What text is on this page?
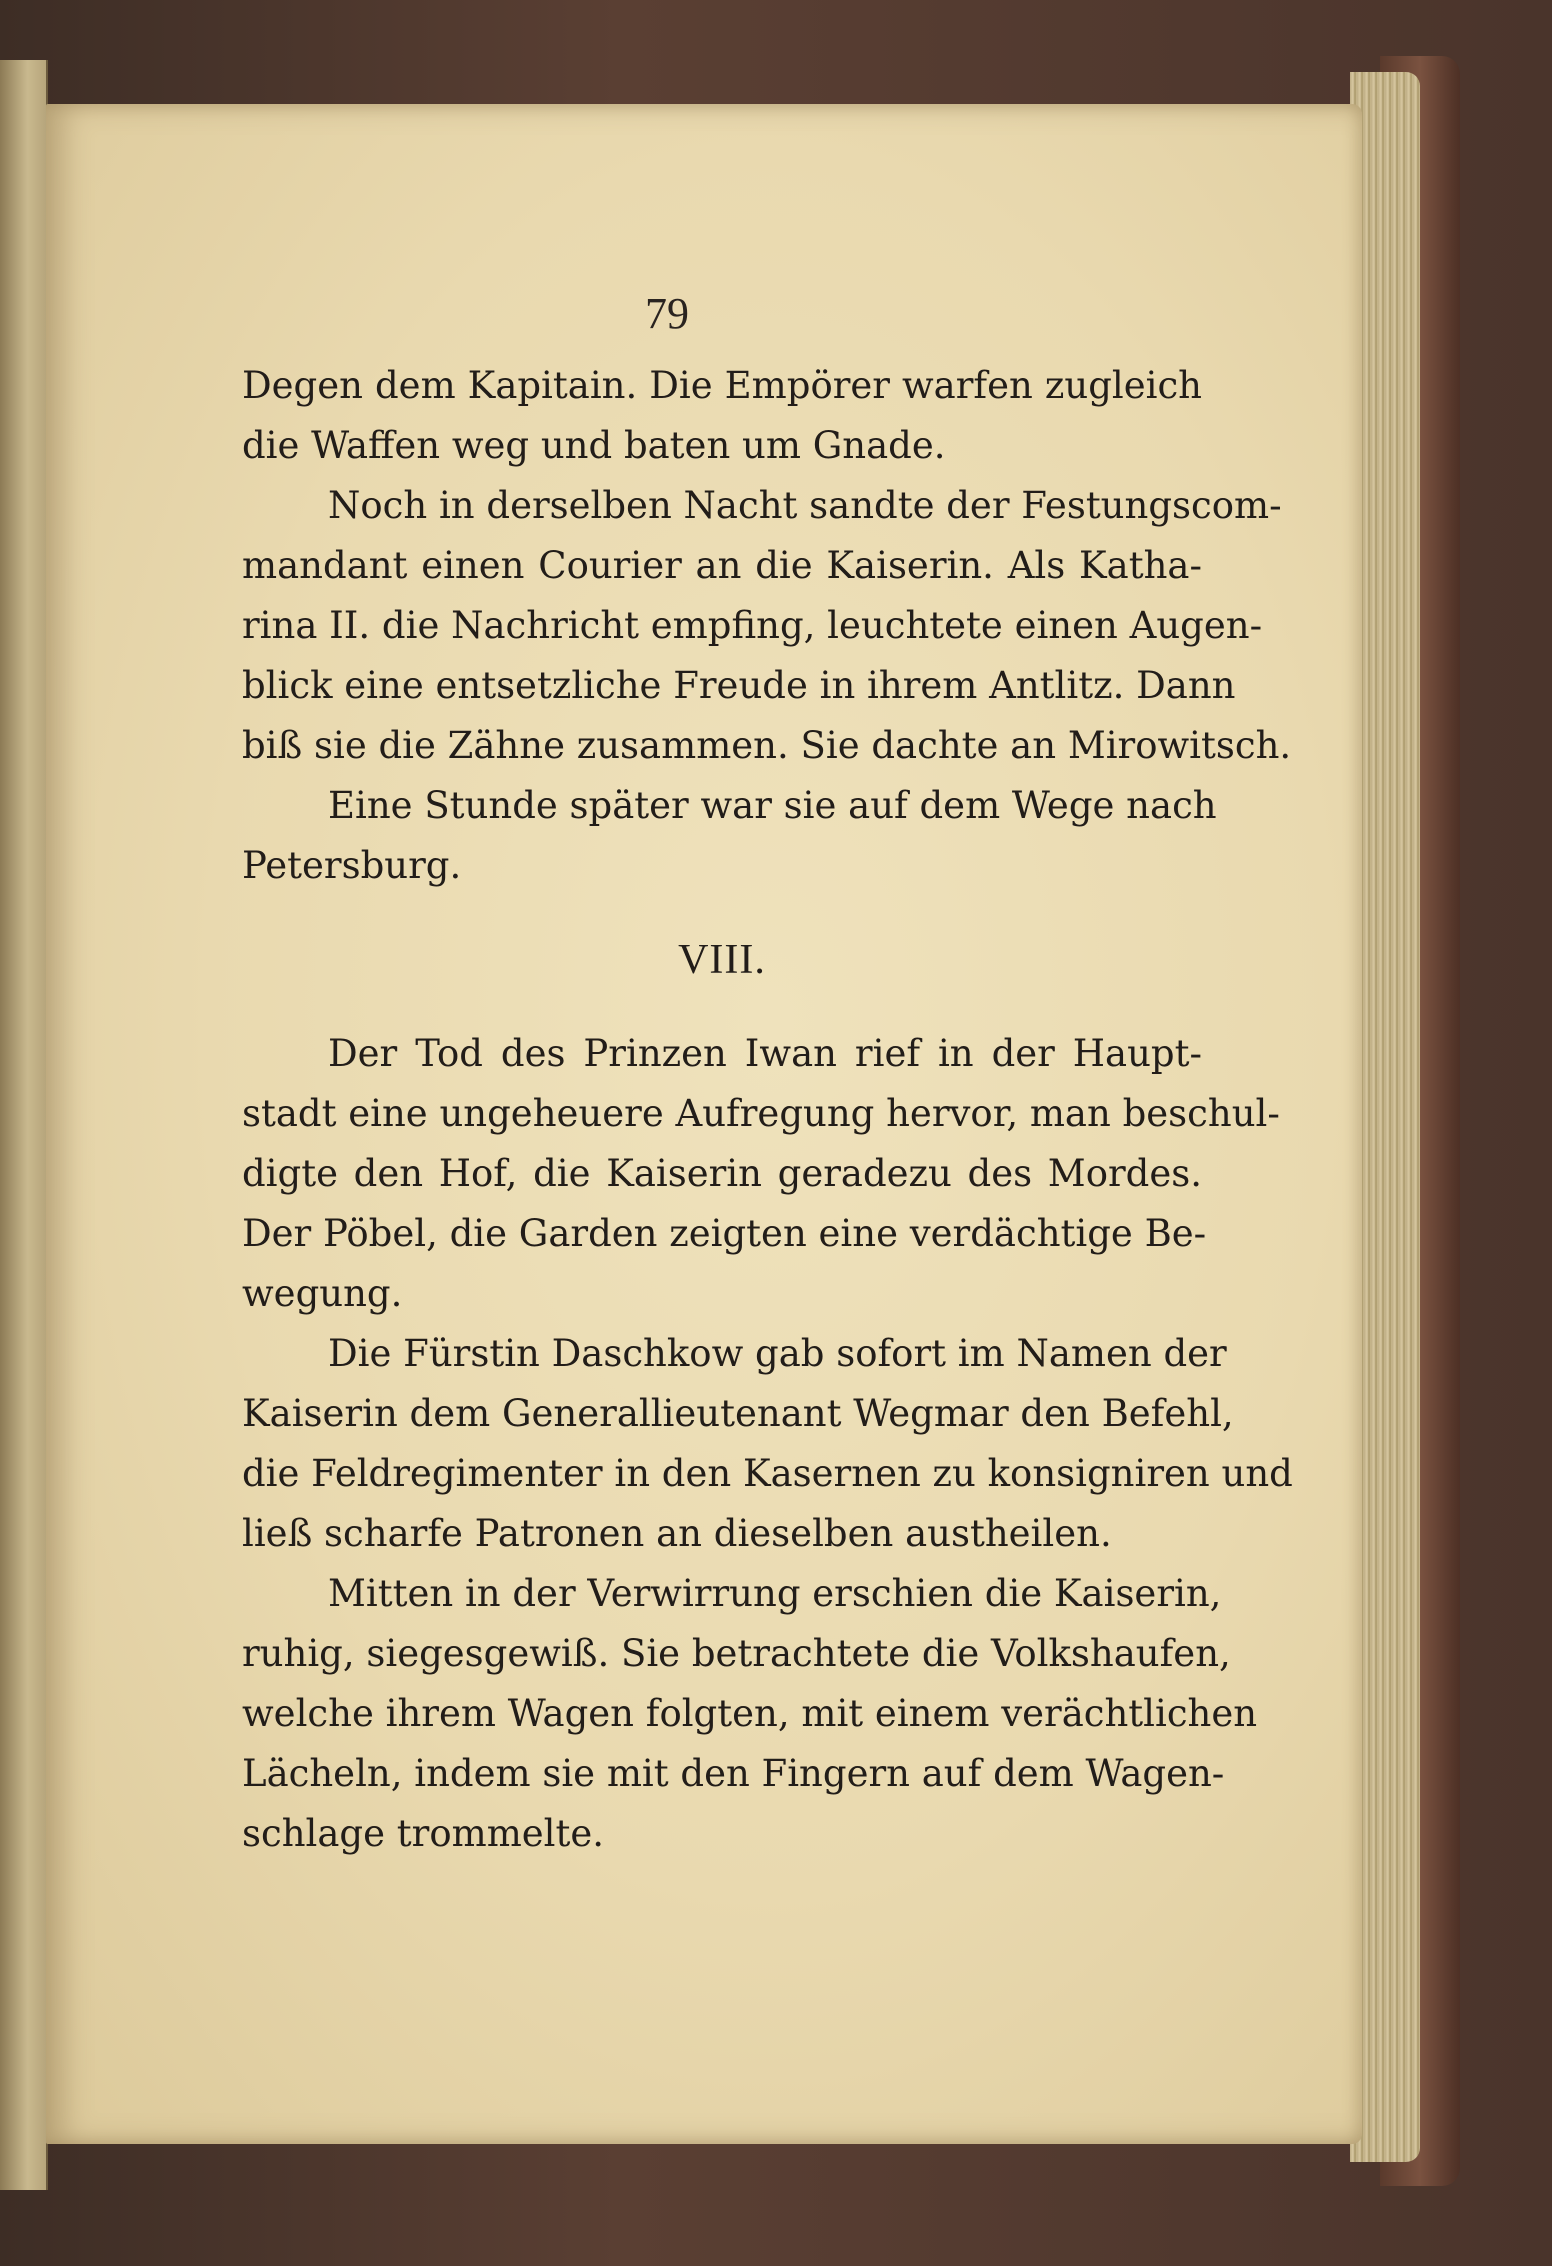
79

Degen dem Kapitain. Die Empörer warfen zugleich
die Waffen weg und baten um Gnade.

Noch in derselben Nacht sandte der Festungscom-
mandant einen Courier an die Kaiserin. Als Katha-
rina II. die Nachricht empfing, leuchtete einen Augen-
blick eine entsetzliche Freude in ihrem Antlitz. Dann
biß sie die Zähne zusammen. Sie dachte an Mirowitsch.

Eine Stunde später war sie auf dem Wege nach
Petersburg.

VIII.

Der Tod des Prinzen Iwan rief in der Haupt-
stadt eine ungeheuere Aufregung hervor, man beschul-
digte den Hof, die Kaiserin geradezu des Mordes.
Der Pöbel, die Garden zeigten eine verdächtige Be-
wegung.

Die Fürstin Daschkow gab sofort im Namen der
Kaiserin dem Generallieutenant Wegmar den Befehl,
die Feldregimenter in den Kasernen zu konsigniren und
ließ scharfe Patronen an dieselben austheilen.

Mitten in der Verwirrung erschien die Kaiserin,
ruhig, siegesgewiß. Sie betrachtete die Volkshaufen,
welche ihrem Wagen folgten, mit einem verächtlichen
Lächeln, indem sie mit den Fingern auf dem Wagen-
schlage trommelte.
